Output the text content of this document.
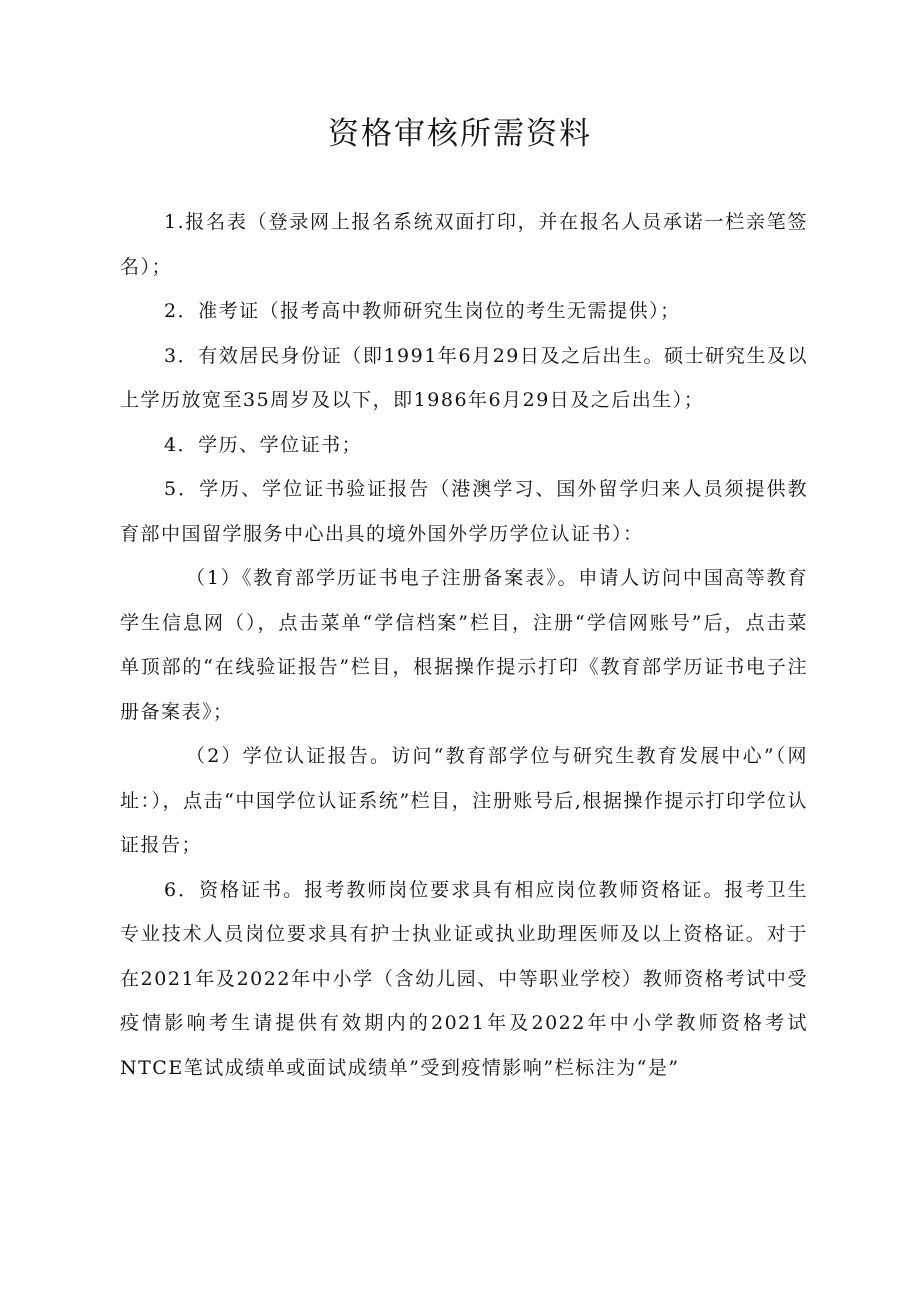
资格审核所需资料

1.报名表（登录网上报名系统双面打印，并在报名人员承诺一栏亲笔签名）；

2．准考证（报考高中教师研究生岗位的考生无需提供）；

3．有效居民身份证（即1991年6月29日及之后出生。硕士研究生及以上学历放宽至35周岁及以下，即1986年6月29日及之后出生）；

4．学历、学位证书；

5．学历、学位证书验证报告（港澳学习、国外留学归来人员须提供教育部中国留学服务中心出具的境外国外学历学位认证书）：

（1）《教育部学历证书电子注册备案表》。申请人访问中国高等教育学生信息网（），点击菜单“学信档案”栏目，注册“学信网账号”后，点击菜单顶部的“在线验证报告”栏目，根据操作提示打印《教育部学历证书电子注册备案表》；

（2）学位认证报告。访问“教育部学位与研究生教育发展中心”（网址：），点击“中国学位认证系统”栏目，注册账号后,根据操作提示打印学位认证报告；

6．资格证书。报考教师岗位要求具有相应岗位教师资格证。报考卫生专业技术人员岗位要求具有护士执业证或执业助理医师及以上资格证。对于在2021年及2022年中小学（含幼儿园、中等职业学校）教师资格考试中受疫情影响考生请提供有效期内的2021年及2022年中小学教师资格考试NTCE笔试成绩单或面试成绩单”受到疫情影响”栏标注为“是”
